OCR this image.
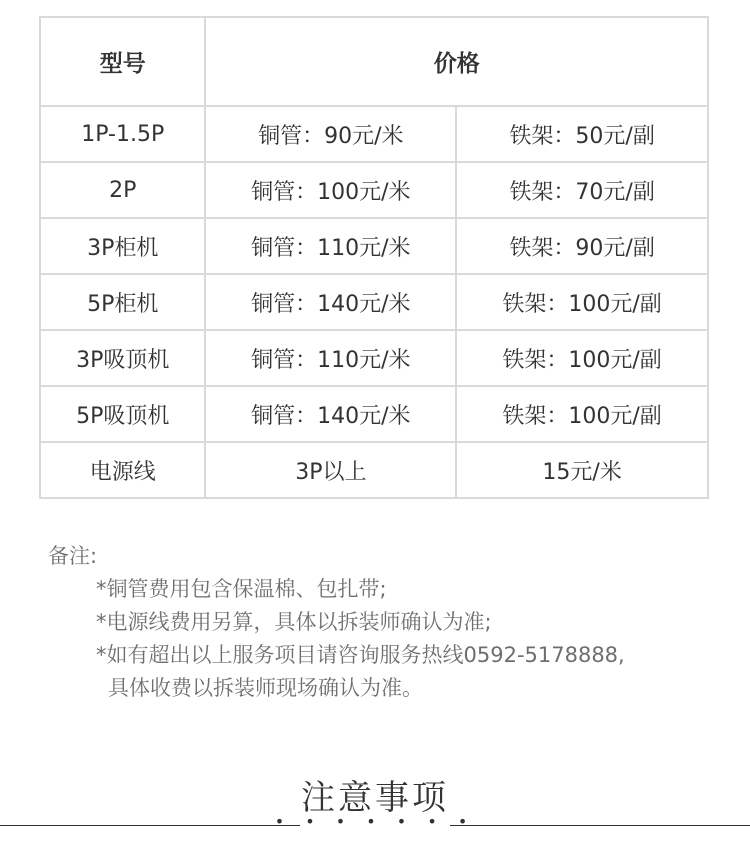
型号	价格	
1P-1.5P	铜管：90元/米	铁架：50元/副
2P	铜管：100元/米	铁架：70元/副
3P柜机	铜管：110元/米	铁架：90元/副
5P柜机	铜管：140元/米	铁架：100元/副
3P吸顶机	铜管：110元/米	铁架：100元/副
5P吸顶机	铜管：140元/米	铁架：100元/副
电源线	3P以上	15元/米

备注:

*铜管费用包含保温棉、包扎带;

*电源线费用另算，具体以拆装师确认为准;

*如有超出以上服务项目请咨询服务热线0592-5178888,

具体收费以拆装师现场确认为准。

注意事项
• • • • • • •
